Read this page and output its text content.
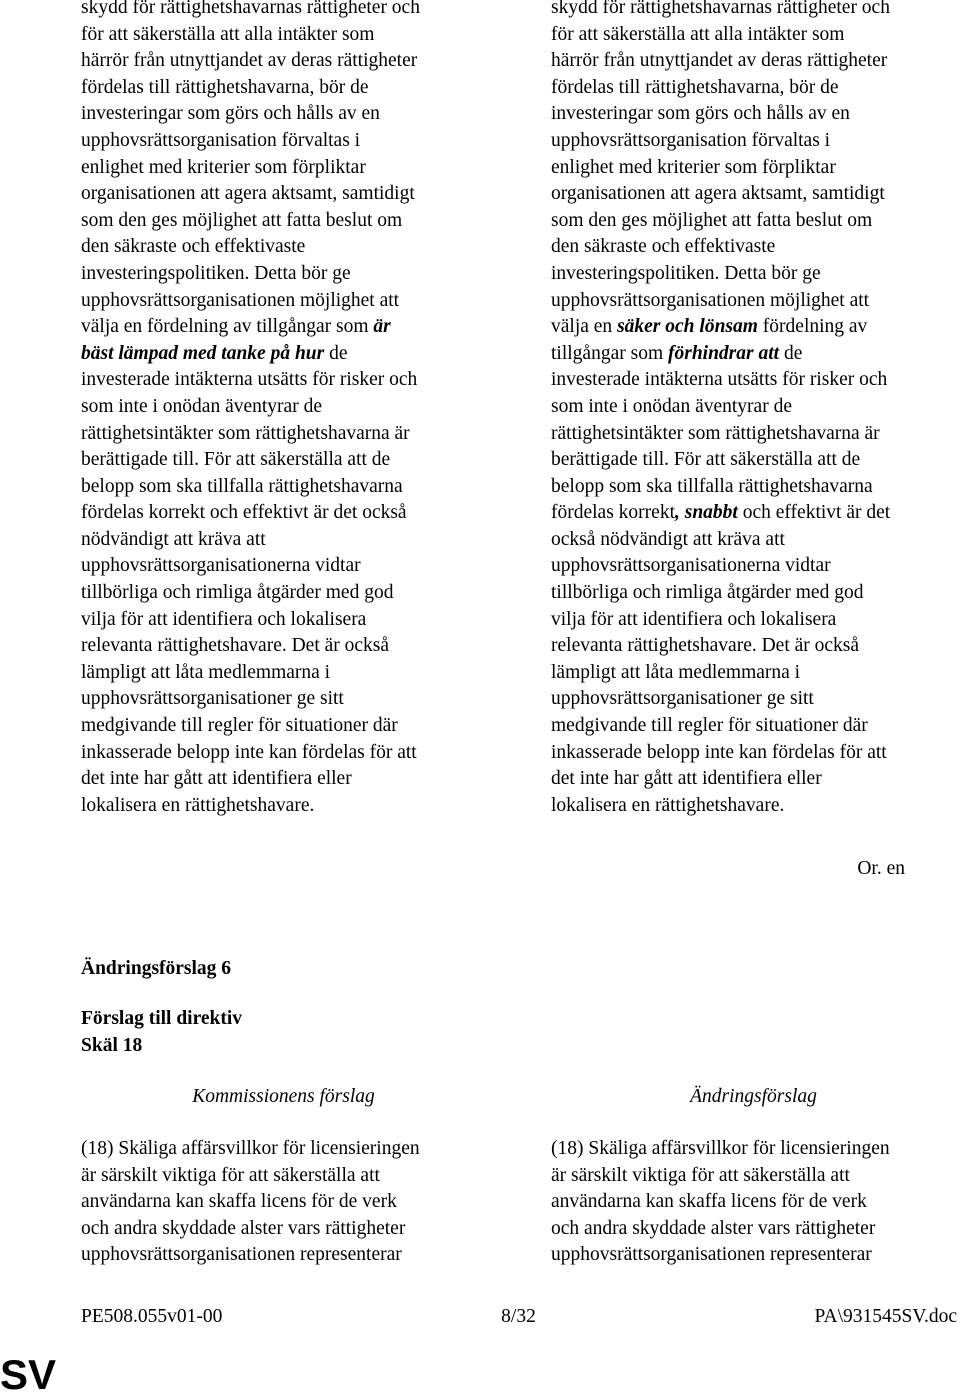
skydd för rättighetshavarnas rättigheter och
för att säkerställa att alla intäkter som
härrör från utnyttjandet av deras rättigheter
fördelas till rättighetshavarna, bör de
investeringar som görs och hålls av en
upphovsrättsorganisation förvaltas i
enlighet med kriterier som förpliktar
organisationen att agera aktsamt, samtidigt
som den ges möjlighet att fatta beslut om
den säkraste och effektivaste
investeringspolitiken. Detta bör ge
upphovsrättsorganisationen möjlighet att
välja en fördelning av tillgångar som är
bäst lämpad med tanke på hur de
investerade intäkterna utsätts för risker och
som inte i onödan äventyrar de
rättighetsintäkter som rättighetshavarna är
berättigade till. För att säkerställa att de
belopp som ska tillfalla rättighetshavarna
fördelas korrekt och effektivt är det också
nödvändigt att kräva att
upphovsrättsorganisationerna vidtar
tillbörliga och rimliga åtgärder med god
vilja för att identifiera och lokalisera
relevanta rättighetshavare. Det är också
lämpligt att låta medlemmarna i
upphovsrättsorganisationer ge sitt
medgivande till regler för situationer där
inkasserade belopp inte kan fördelas för att
det inte har gått att identifiera eller
lokalisera en rättighetshavare.
skydd för rättighetshavarnas rättigheter och
för att säkerställa att alla intäkter som
härrör från utnyttjandet av deras rättigheter
fördelas till rättighetshavarna, bör de
investeringar som görs och hålls av en
upphovsrättsorganisation förvaltas i
enlighet med kriterier som förpliktar
organisationen att agera aktsamt, samtidigt
som den ges möjlighet att fatta beslut om
den säkraste och effektivaste
investeringspolitiken. Detta bör ge
upphovsrättsorganisationen möjlighet att
välja en säker och lönsam fördelning av
tillgångar som förhindrar att de
investerade intäkterna utsätts för risker och
som inte i onödan äventyrar de
rättighetsintäkter som rättighetshavarna är
berättigade till. För att säkerställa att de
belopp som ska tillfalla rättighetshavarna
fördelas korrekt, snabbt och effektivt är det
också nödvändigt att kräva att
upphovsrättsorganisationerna vidtar
tillbörliga och rimliga åtgärder med god
vilja för att identifiera och lokalisera
relevanta rättighetshavare. Det är också
lämpligt att låta medlemmarna i
upphovsrättsorganisationer ge sitt
medgivande till regler för situationer där
inkasserade belopp inte kan fördelas för att
det inte har gått att identifiera eller
lokalisera en rättighetshavare.
Or. en
Ändringsförslag 6
Förslag till direktiv
Skäl 18
Kommissionens förslag	Ändringsförslag
(18) Skäliga affärsvillkor för licensieringen
är särskilt viktiga för att säkerställa att
användarna kan skaffa licens för de verk
och andra skyddade alster vars rättigheter
upphovsrättsorganisationen representerar
(18) Skäliga affärsvillkor för licensieringen
är särskilt viktiga för att säkerställa att
användarna kan skaffa licens för de verk
och andra skyddade alster vars rättigheter
upphovsrättsorganisationen representerar
PE508.055v01-00	8/32	PA\931545SV.doc
SV
